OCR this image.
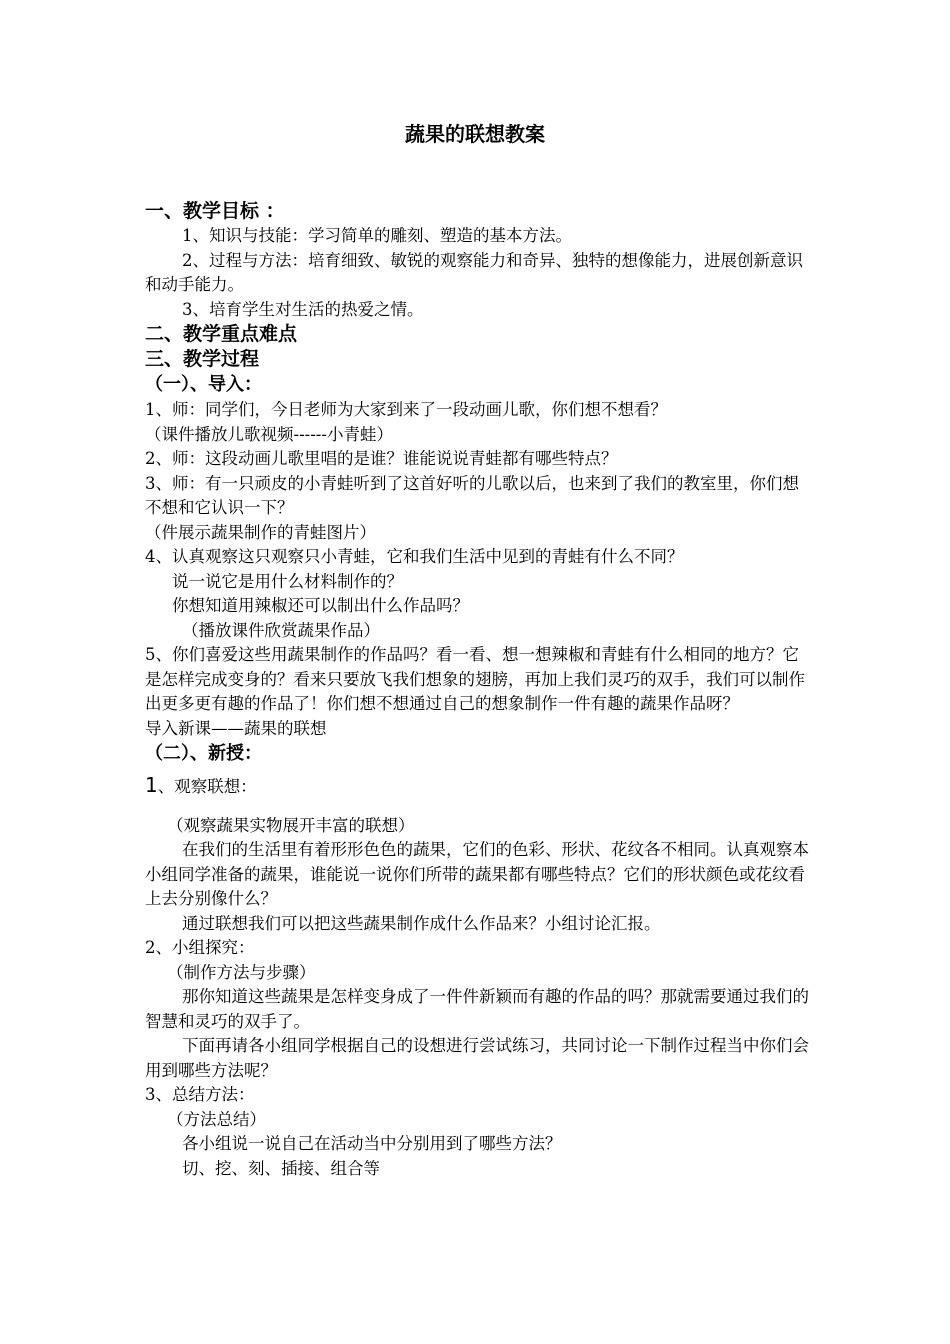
蔬果的联想教案
一、教学目标 ：

1、知识与技能：学习简单的雕刻、塑造的基本方法。

2、过程与方法：培育细致、敏锐的观察能力和奇异、独特的想像能力，进展创新意识和动手能力。

3、培育学生对生活的热爱之情。

二、教学重点难点
三、教学过程
（一）、导入：

1、师：同学们，今日老师为大家到来了一段动画儿歌，你们想不想看？

（课件播放儿歌视频------小青蛙）

2、师：这段动画儿歌里唱的是谁？谁能说说青蛙都有哪些特点？

3、师：有一只顽皮的小青蛙听到了这首好听的儿歌以后，也来到了我们的教室里，你们想不想和它认识一下？

（件展示蔬果制作的青蛙图片）

4、认真观察这只观察只小青蛙，它和我们生活中见到的青蛙有什么不同？

说一说它是用什么材料制作的？

你想知道用辣椒还可以制出什么作品吗？

（播放课件欣赏蔬果作品）

5、你们喜爱这些用蔬果制作的作品吗？看一看、想一想辣椒和青蛙有什么相同的地方？它是怎样完成变身的？看来只要放飞我们想象的翅膀，再加上我们灵巧的双手，我们可以制作出更多更有趣的作品了！你们想不想通过自己的想象制作一件有趣的蔬果作品呀？

导入新课——蔬果的联想

（二）、新授：

1、观察联想：

（观察蔬果实物展开丰富的联想）

在我们的生活里有着形形色色的蔬果，它们的色彩、形状、花纹各不相同。认真观察本小组同学准备的蔬果，谁能说一说你们所带的蔬果都有哪些特点？它们的形状颜色或花纹看上去分别像什么？

通过联想我们可以把这些蔬果制作成什么作品来？小组讨论汇报。

2、小组探究：

（制作方法与步骤）

那你知道这些蔬果是怎样变身成了一件件新颖而有趣的作品的吗？那就需要通过我们的智慧和灵巧的双手了。

下面再请各小组同学根据自己的设想进行尝试练习，共同讨论一下制作过程当中你们会用到哪些方法呢？

3、总结方法：

（方法总结）

各小组说一说自己在活动当中分别用到了哪些方法？

切、挖、刻、插接、组合等
